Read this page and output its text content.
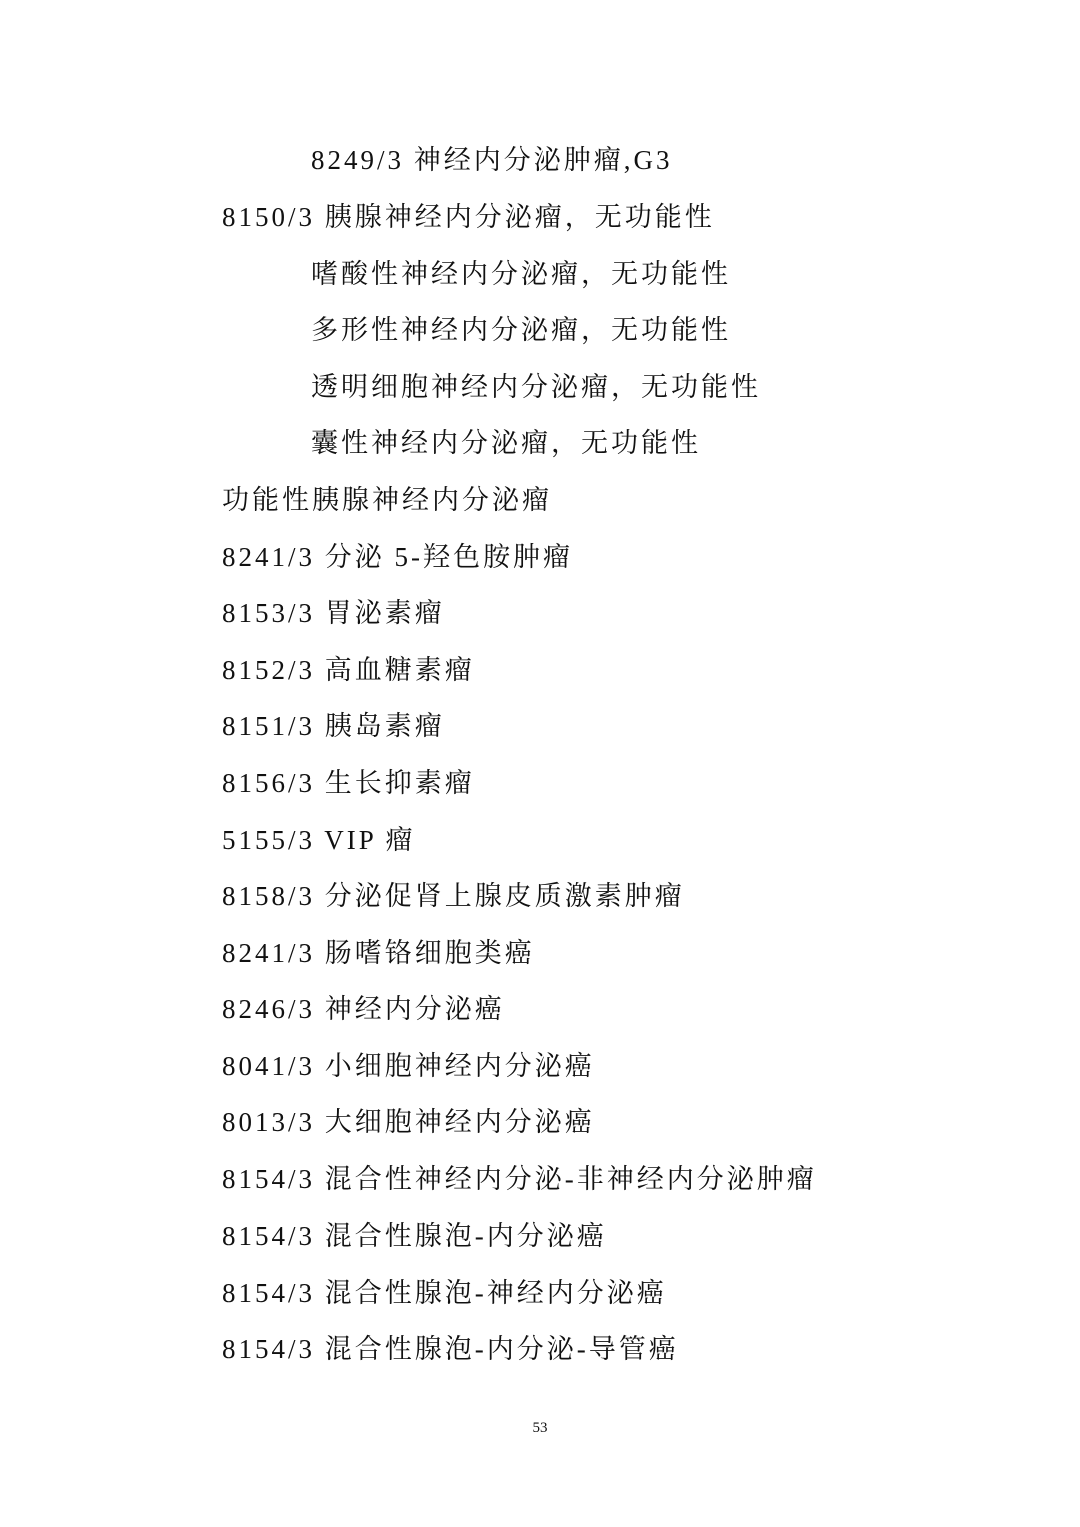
8249/3 神经内分泌肿瘤,G3
8150/3 胰腺神经内分泌瘤，无功能性
嗜酸性神经内分泌瘤，无功能性
多形性神经内分泌瘤，无功能性
透明细胞神经内分泌瘤，无功能性
囊性神经内分泌瘤，无功能性
功能性胰腺神经内分泌瘤
8241/3 分泌 5-羟色胺肿瘤
8153/3 胃泌素瘤
8152/3 高血糖素瘤
8151/3 胰岛素瘤
8156/3 生长抑素瘤
5155/3 VIP 瘤
8158/3 分泌促肾上腺皮质激素肿瘤
8241/3 肠嗜铬细胞类癌
8246/3 神经内分泌癌
8041/3 小细胞神经内分泌癌
8013/3 大细胞神经内分泌癌
8154/3 混合性神经内分泌-非神经内分泌肿瘤
8154/3 混合性腺泡-内分泌癌
8154/3 混合性腺泡-神经内分泌癌
8154/3 混合性腺泡-内分泌-导管癌
53
